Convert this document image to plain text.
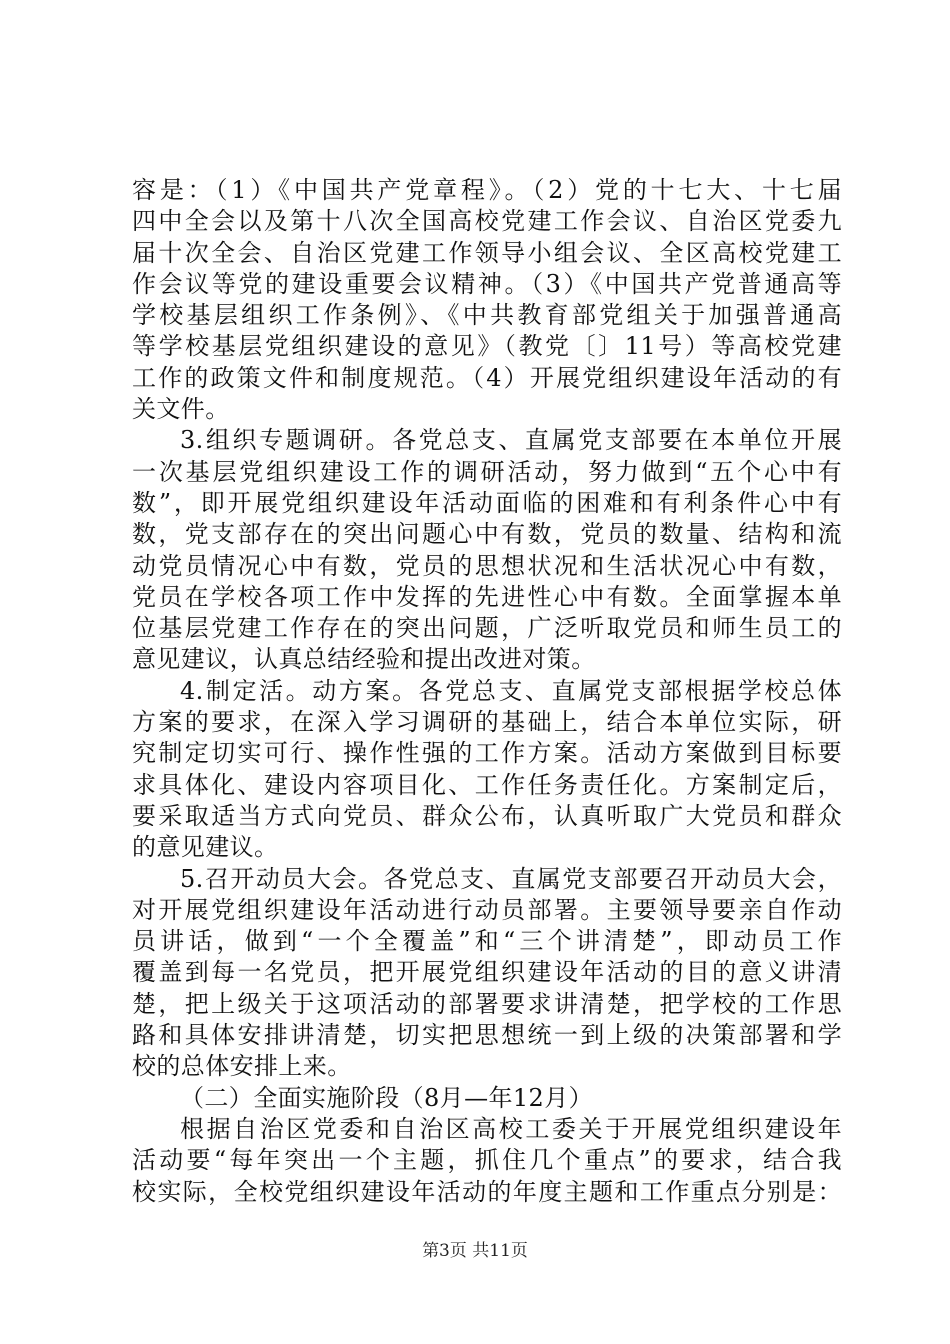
容是：（1）《中国共产党章程》。（2）党的十七大、十七届
四中全会以及第十八次全国高校党建工作会议、自治区党委九
届十次全会、自治区党建工作领导小组会议、全区高校党建工
作会议等党的建设重要会议精神。（3）《中国共产党普通高等
学校基层组织工作条例》、《中共教育部党组关于加强普通高
等学校基层党组织建设的意见》（教党〔〕11号）等高校党建
工作的政策文件和制度规范。（4）开展党组织建设年活动的有
关文件。
3.组织专题调研。各党总支、直属党支部要在本单位开展
一次基层党组织建设工作的调研活动，努力做到“五个心中有
数”，即开展党组织建设年活动面临的困难和有利条件心中有
数，党支部存在的突出问题心中有数，党员的数量、结构和流
动党员情况心中有数，党员的思想状况和生活状况心中有数，
党员在学校各项工作中发挥的先进性心中有数。全面掌握本单
位基层党建工作存在的突出问题，广泛听取党员和师生员工的
意见建议，认真总结经验和提出改进对策。
4.制定活。动方案。各党总支、直属党支部根据学校总体
方案的要求，在深入学习调研的基础上，结合本单位实际，研
究制定切实可行、操作性强的工作方案。活动方案做到目标要
求具体化、建设内容项目化、工作任务责任化。方案制定后，
要采取适当方式向党员、群众公布，认真听取广大党员和群众
的意见建议。
5.召开动员大会。各党总支、直属党支部要召开动员大会，
对开展党组织建设年活动进行动员部署。主要领导要亲自作动
员讲话，做到“一个全覆盖”和“三个讲清楚”，即动员工作
覆盖到每一名党员，把开展党组织建设年活动的目的意义讲清
楚，把上级关于这项活动的部署要求讲清楚，把学校的工作思
路和具体安排讲清楚，切实把思想统一到上级的决策部署和学
校的总体安排上来。
（二）全面实施阶段（8月—年12月）
根据自治区党委和自治区高校工委关于开展党组织建设年
活动要“每年突出一个主题，抓住几个重点”的要求，结合我
校实际，全校党组织建设年活动的年度主题和工作重点分别是：
第3页 共11页
